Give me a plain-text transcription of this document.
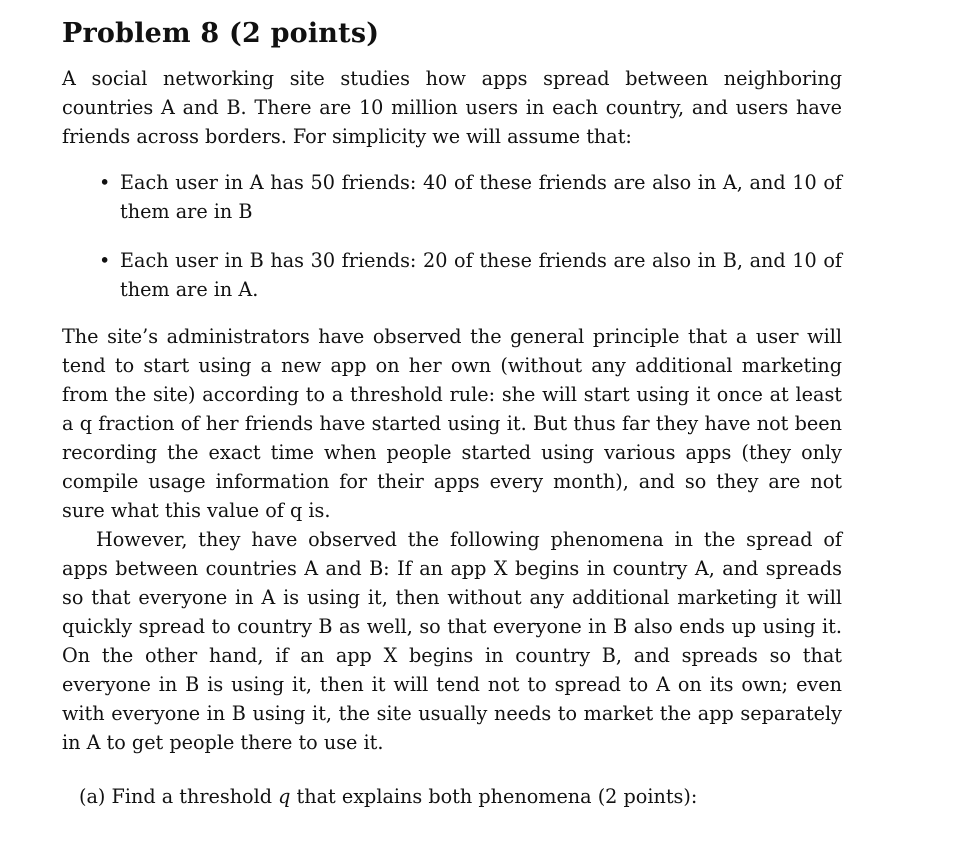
Problem 8 (2 points)

A social networking site studies how apps spread between neighboring countries A and B. There are 10 million users in each country, and users have friends across borders. For simplicity we will assume that:

• Each user in A has 50 friends: 40 of these friends are also in A, and 10 of them are in B
• Each user in B has 30 friends: 20 of these friends are also in B, and 10 of them are in A.

The site’s administrators have observed the general principle that a user will tend to start using a new app on her own (without any additional marketing from the site) according to a threshold rule: she will start using it once at least a q fraction of her friends have started using it. But thus far they have not been recording the exact time when people started using various apps (they only compile usage information for their apps every month), and so they are not sure what this value of q is.

However, they have observed the following phenomena in the spread of apps between countries A and B: If an app X begins in country A, and spreads so that everyone in A is using it, then without any additional marketing it will quickly spread to country B as well, so that everyone in B also ends up using it. On the other hand, if an app X begins in country B, and spreads so that everyone in B is using it, then it will tend not to spread to A on its own; even with everyone in B using it, the site usually needs to market the app separately in A to get people there to use it.

(a) Find a threshold q that explains both phenomena (2 points):
